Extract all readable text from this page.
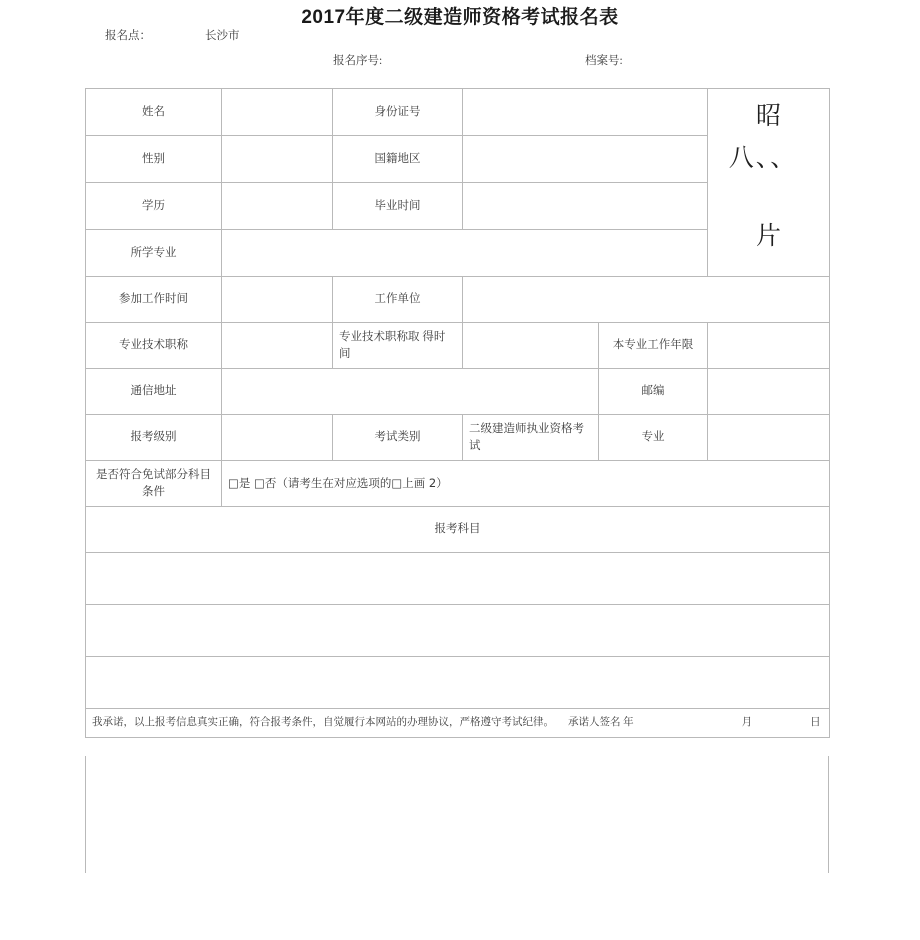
2017年度二级建造师资格考试报名表
报名点：	长沙市
报名序号:	档案号:
姓名		身份证号			昭
八、、
片

性别		国籍地区			
学历		毕业时间			
所学专业					
参加工作时间		工作单位			
专业技术职称		专业技术职称取 得时间		本专业工作年限	
通信地址				邮编	
报考级别		考试类别	二级建造师执业资格考试	专业	
是否符合免试部分科目条件	□是 □否（请考生在对应选项的□上画 2）				
报考科目					

我承诺，以上报考信息真实正确，符合报考条件，自觉履行本网站的办理协议，严格遵守考试纪律。 承诺人签名 年 月 日					
